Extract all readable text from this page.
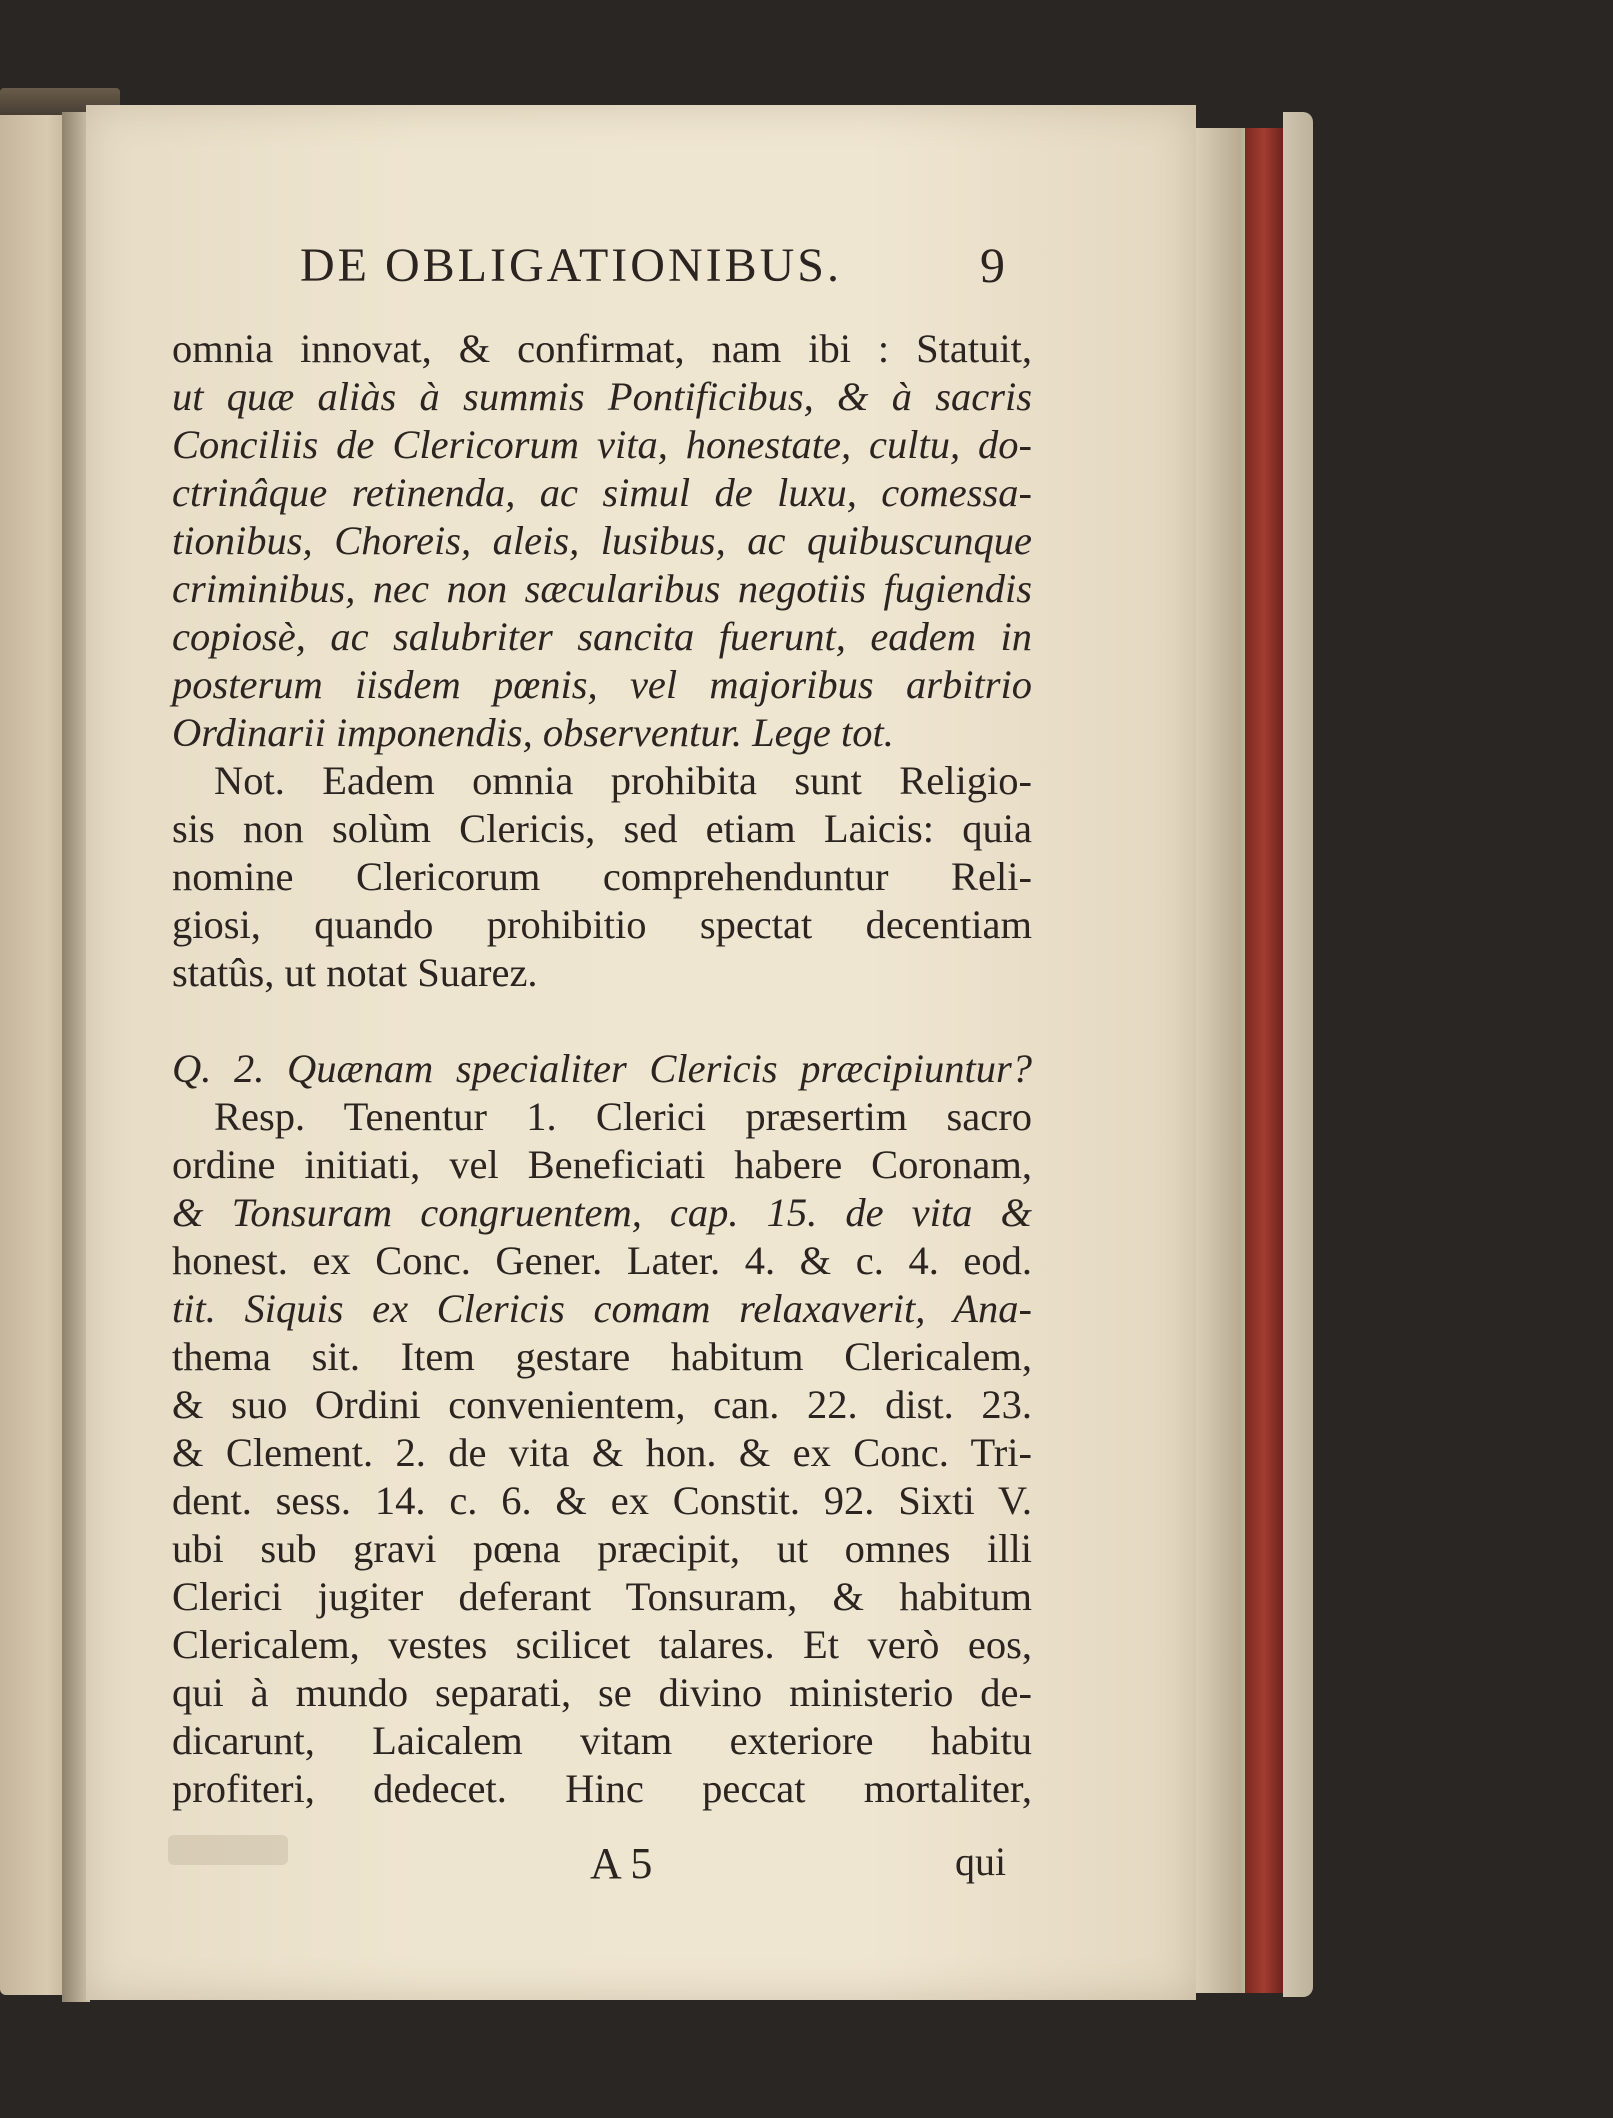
DE OBLIGATIONIBUS.	9
omnia innovat, & confirmat, nam ibi : Statuit,
ut quæ aliàs à summis Pontificibus, & à sacris
Conciliis de Clericorum vita, honestate, cultu, do-
ctrinâque retinenda, ac simul de luxu, comessa-
tionibus, Choreis, aleis, lusibus, ac quibuscunque
criminibus, nec non sæcularibus negotiis fugiendis
copiosè, ac salubriter sancita fuerunt, eadem in
posterum iisdem pœnis, vel majoribus arbitrio
Ordinarii imponendis, observentur. Lege tot.
Not. Eadem omnia prohibita sunt Religio-
sis non solùm Clericis, sed etiam Laicis: quia
nomine Clericorum comprehenduntur Reli-
giosi, quando prohibitio spectat decentiam
statûs, ut notat Suarez.
Q. 2. Quænam specialiter Clericis præcipiuntur?
Resp. Tenentur 1. Clerici præsertim sacro
ordine initiati, vel Beneficiati habere Coronam,
& Tonsuram congruentem, cap. 15. de vita &
honest. ex Conc. Gener. Later. 4. & c. 4. eod.
tit. Siquis ex Clericis comam relaxaverit, Ana-
thema sit. Item gestare habitum Clericalem,
& suo Ordini convenientem, can. 22. dist. 23.
& Clement. 2. de vita & hon. & ex Conc. Tri-
dent. sess. 14. c. 6. & ex Constit. 92. Sixti V.
ubi sub gravi pœna præcipit, ut omnes illi
Clerici jugiter deferant Tonsuram, & habitum
Clericalem, vestes scilicet talares. Et verò eos,
qui à mundo separati, se divino ministerio de-
dicarunt, Laicalem vitam exteriore habitu
profiteri, dedecet. Hinc peccat mortaliter,
A 5	qui
